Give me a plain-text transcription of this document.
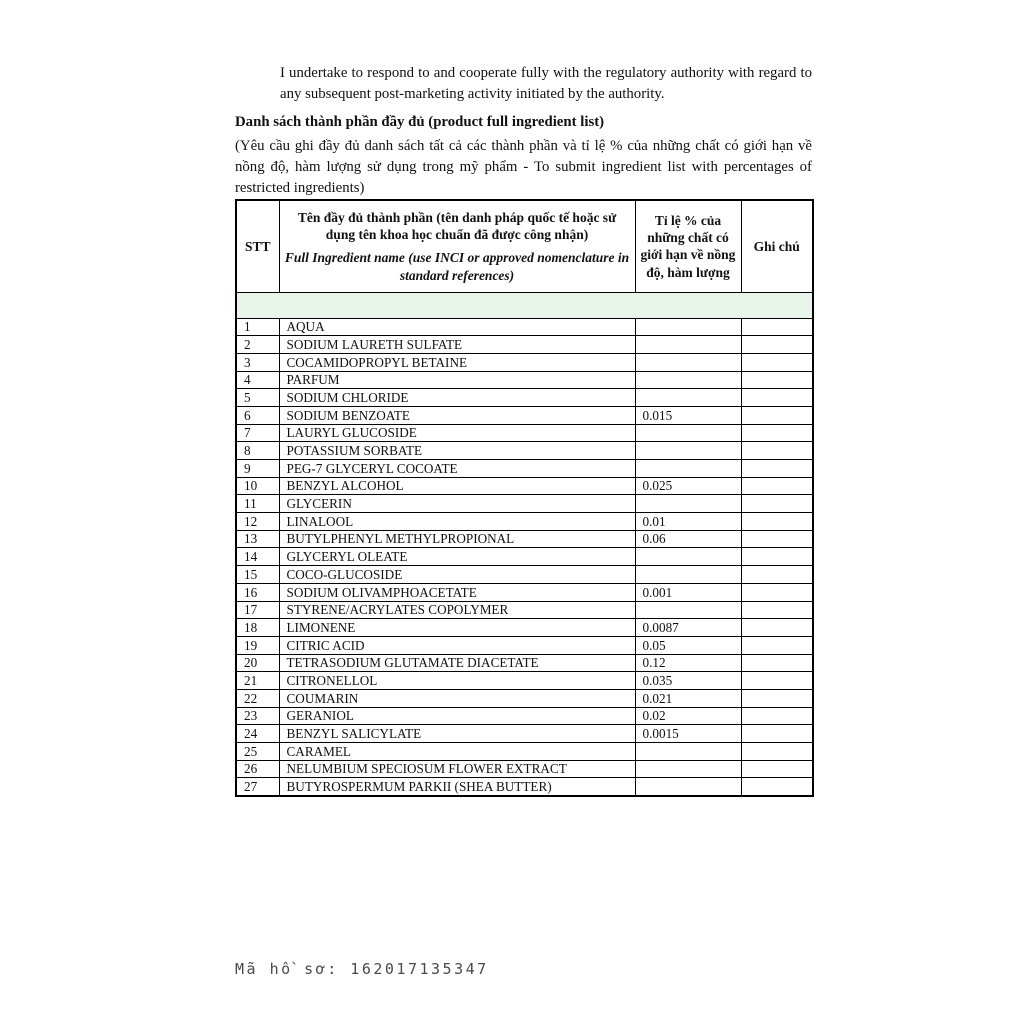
I undertake to respond to and cooperate fully with the regulatory authority with regard to any subsequent post-marketing activity initiated by the authority.

Danh sách thành phần đầy đủ (product full ingredient list)

(Yêu cầu ghi đầy đủ danh sách tất cả các thành phần và tỉ lệ % của những chất có giới hạn về nồng độ, hàm lượng sử dụng trong mỹ phẩm - To submit ingredient list with percentages of restricted ingredients)

STT	Tên đầy đủ thành phần (tên danh pháp quốc tế hoặc sử dụng tên khoa học chuẩn đã được công nhận)
Full Ingredient name (use INCI or approved nomenclature in standard references)	Tỉ lệ % của những chất có giới hạn về nồng độ, hàm lượng	Ghi chú

1	AQUA		
2	SODIUM LAURETH SULFATE		
3	COCAMIDOPROPYL BETAINE		
4	PARFUM		
5	SODIUM CHLORIDE		
6	SODIUM BENZOATE	0.015	
7	LAURYL GLUCOSIDE		
8	POTASSIUM SORBATE		
9	PEG-7 GLYCERYL COCOATE		
10	BENZYL ALCOHOL	0.025	
11	GLYCERIN		
12	LINALOOL	0.01	
13	BUTYLPHENYL METHYLPROPIONAL	0.06	
14	GLYCERYL OLEATE		
15	COCO-GLUCOSIDE		
16	SODIUM OLIVAMPHOACETATE	0.001	
17	STYRENE/ACRYLATES COPOLYMER		
18	LIMONENE	0.0087	
19	CITRIC ACID	0.05	
20	TETRASODIUM GLUTAMATE DIACETATE	0.12	
21	CITRONELLOL	0.035	
22	COUMARIN	0.021	
23	GERANIOL	0.02	
24	BENZYL SALICYLATE	0.0015	
25	CARAMEL		
26	NELUMBIUM SPECIOSUM FLOWER EXTRACT		
27	BUTYROSPERMUM PARKII (SHEA BUTTER)		
Mã hồ sơ: 162017135347
